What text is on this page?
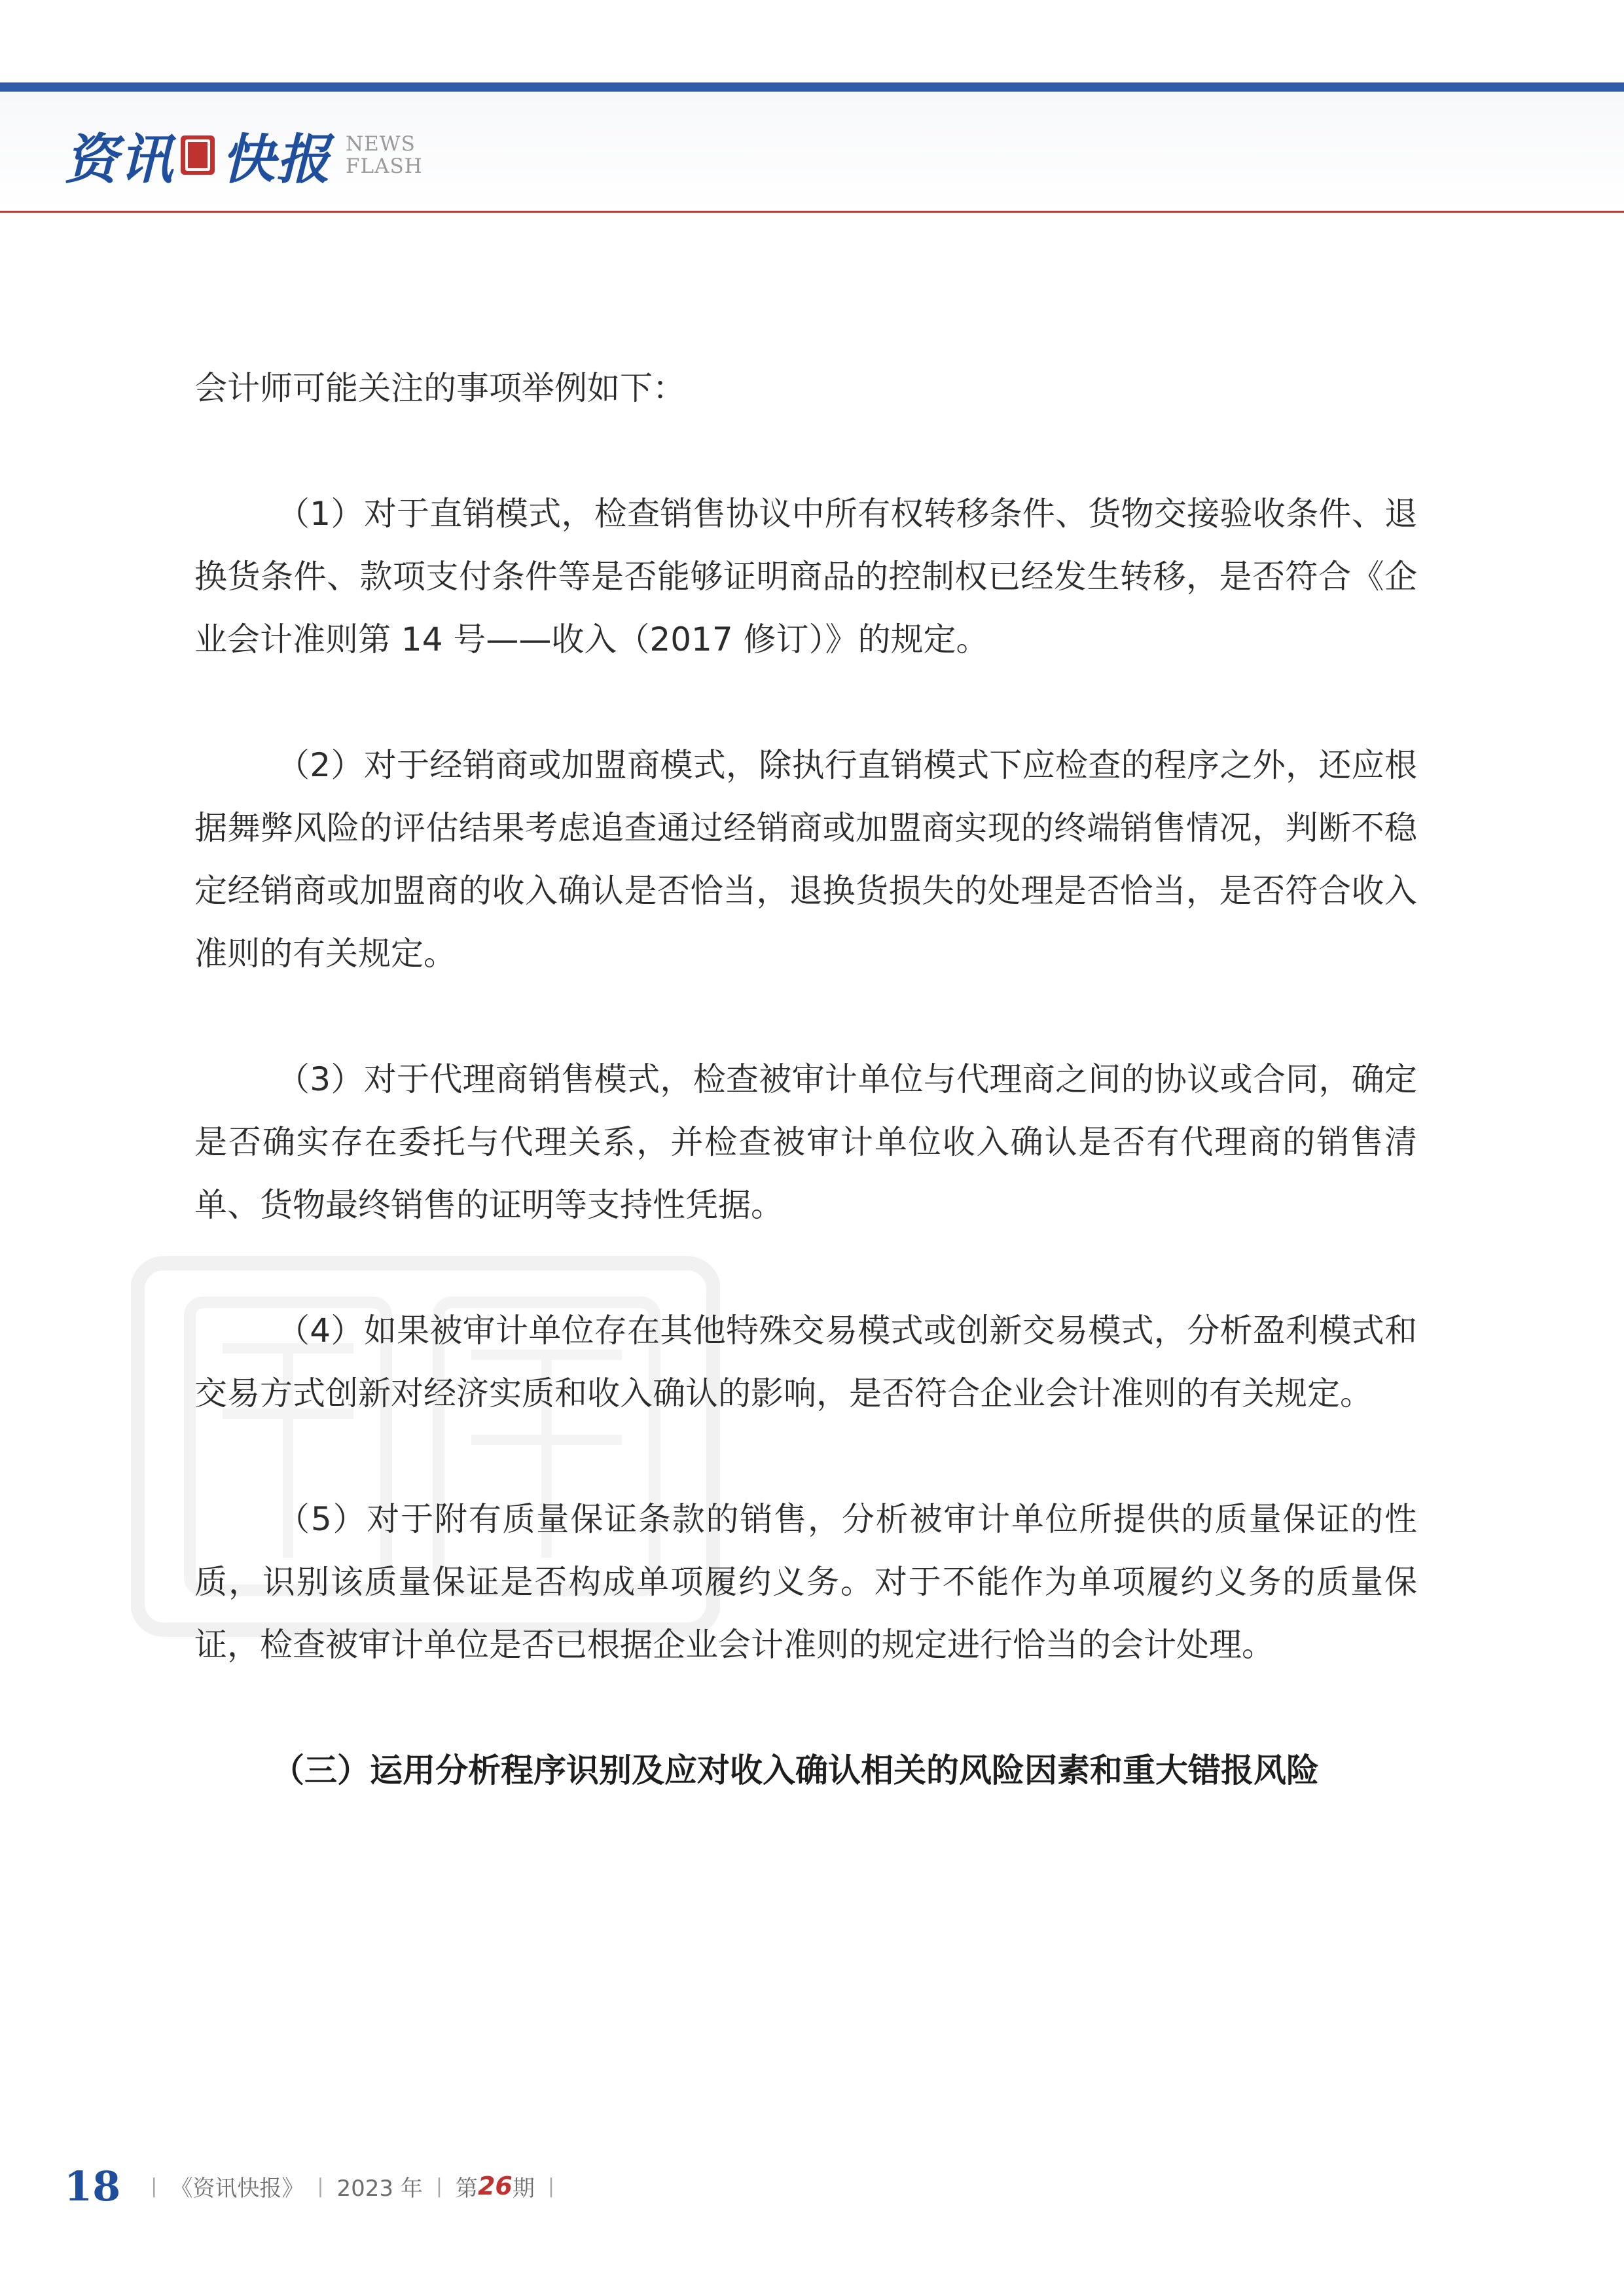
资讯 快报 NEWS
FLASH

会计师可能关注的事项举例如下：

（1）对于直销模式，检查销售协议中所有权转移条件、货物交接验收条件、退换货条件、款项支付条件等是否能够证明商品的控制权已经发生转移，是否符合《企业会计准则第 14 号——收入（2017 修订）》的规定。

（2）对于经销商或加盟商模式，除执行直销模式下应检查的程序之外，还应根据舞弊风险的评估结果考虑追查通过经销商或加盟商实现的终端销售情况，判断不稳定经销商或加盟商的收入确认是否恰当，退换货损失的处理是否恰当，是否符合收入准则的有关规定。

（3）对于代理商销售模式，检查被审计单位与代理商之间的协议或合同，确定是否确实存在委托与代理关系，并检查被审计单位收入确认是否有代理商的销售清单、货物最终销售的证明等支持性凭据。

（4）如果被审计单位存在其他特殊交易模式或创新交易模式，分析盈利模式和交易方式创新对经济实质和收入确认的影响，是否符合企业会计准则的有关规定。

（5）对于附有质量保证条款的销售，分析被审计单位所提供的质量保证的性质，识别该质量保证是否构成单项履约义务。对于不能作为单项履约义务的质量保证，检查被审计单位是否已根据企业会计准则的规定进行恰当的会计处理。

（三）运用分析程序识别及应对收入确认相关的风险因素和重大错报风险

18 | 《资讯快报》 | 2023 年 | 第 26 期 |
